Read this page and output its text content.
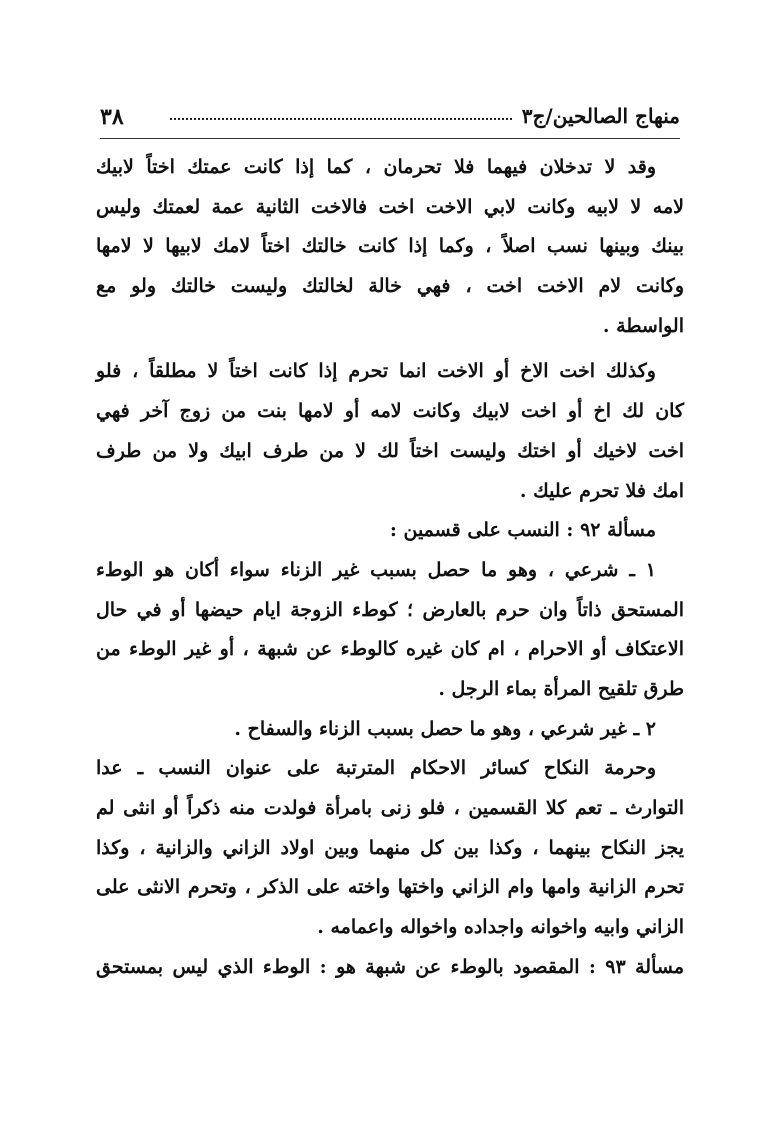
منهاج الصالحين/ج٣
٣٨
وقد لا تدخلان فيهما فلا تحرمان ، كما إذا كانت عمتك اختاً لابيك
لامه لا لابيه وكانت لابي الاخت اخت فالاخت الثانية عمة لعمتك وليس
بينك وبينها نسب اصلاً ، وكما إذا كانت خالتك اختاً لامك لابيها لا لامها
وكانت لام الاخت اخت ، فهي خالة لخالتك وليست خالتك ولو مع
الواسطة .
وكذلك اخت الاخ أو الاخت انما تحرم إذا كانت اختاً لا مطلقاً ، فلو
كان لك اخ أو اخت لابيك وكانت لامه أو لامها بنت من زوج آخر فهي
اخت لاخيك أو اختك وليست اختاً لك لا من طرف ابيك ولا من طرف
امك فلا تحرم عليك .
مسألة ٩٢ : النسب على قسمين :
١ ـ شرعي ، وهو ما حصل بسبب غير الزناء سواء أكان هو الوطء
المستحق ذاتاً وان حرم بالعارض ؛ كوطء الزوجة ايام حيضها أو في حال
الاعتكاف أو الاحرام ، ام كان غيره كالوطء عن شبهة ، أو غير الوطء من
طرق تلقيح المرأة بماء الرجل .
٢ ـ غير شرعي ، وهو ما حصل بسبب الزناء والسفاح .
وحرمة النكاح كسائر الاحكام المترتبة على عنوان النسب ـ عدا
التوارث ـ تعم كلا القسمين ، فلو زنى بامرأة فولدت منه ذكراً أو انثى لم
يجز النكاح بينهما ، وكذا بين كل منهما وبين اولاد الزاني والزانية ، وكذا
تحرم الزانية وامها وام الزاني واختها واخته على الذكر ، وتحرم الانثى على
الزاني وابيه واخوانه واجداده واخواله واعمامه .
مسألة ٩٣ : المقصود بالوطء عن شبهة هو : الوطء الذي ليس بمستحق
